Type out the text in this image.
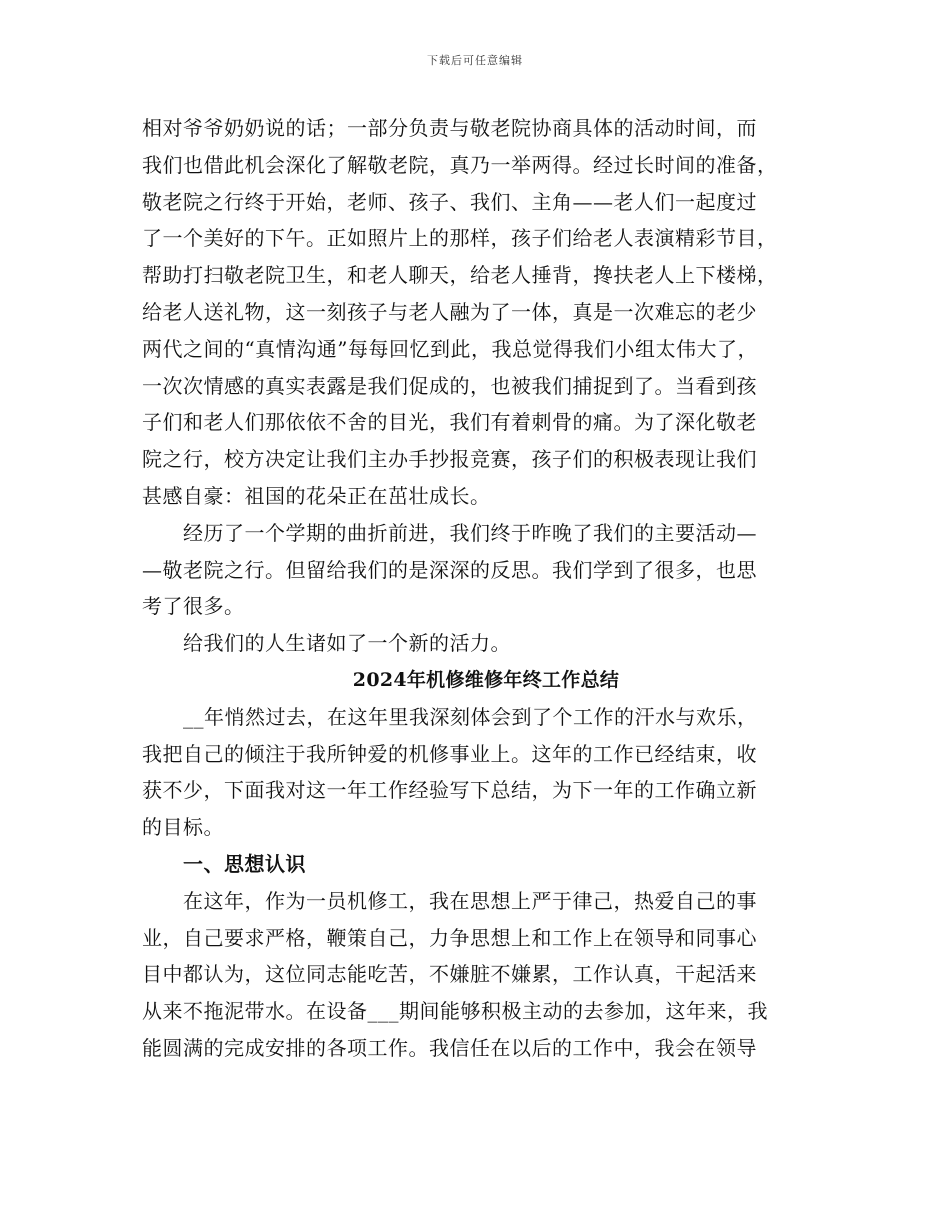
下载后可任意编辑
相对爷爷奶奶说的话；一部分负责与敬老院协商具体的活动时间，而
我们也借此机会深化了解敬老院，真乃一举两得。经过长时间的准备，
敬老院之行终于开始，老师、孩子、我们、主角——老人们一起度过
了一个美好的下午。正如照片上的那样，孩子们给老人表演精彩节目，
帮助打扫敬老院卫生，和老人聊天，给老人捶背，搀扶老人上下楼梯，
给老人送礼物，这一刻孩子与老人融为了一体，真是一次难忘的老少
两代之间的“真情沟通”每每回忆到此，我总觉得我们小组太伟大了，
一次次情感的真实表露是我们促成的，也被我们捕捉到了。当看到孩
子们和老人们那依依不舍的目光，我们有着刺骨的痛。为了深化敬老
院之行，校方决定让我们主办手抄报竞赛，孩子们的积极表现让我们
甚感自豪：祖国的花朵正在茁壮成长。
　　经历了一个学期的曲折前进，我们终于昨晚了我们的主要活动—
—敬老院之行。但留给我们的是深深的反思。我们学到了很多，也思
考了很多。
　　给我们的人生诸如了一个新的活力。
2024年机修维修年终工作总结
　　__年悄然过去，在这年里我深刻体会到了个工作的汗水与欢乐，
我把自己的倾注于我所钟爱的机修事业上。这年的工作已经结束，收
获不少，下面我对这一年工作经验写下总结，为下一年的工作确立新
的目标。
　　一、思想认识
　　在这年，作为一员机修工，我在思想上严于律己，热爱自己的事
业，自己要求严格，鞭策自己，力争思想上和工作上在领导和同事心
目中都认为，这位同志能吃苦，不嫌脏不嫌累，工作认真，干起活来
从来不拖泥带水。在设备___期间能够积极主动的去参加，这年来，我
能圆满的完成安排的各项工作。我信任在以后的工作中，我会在领导
